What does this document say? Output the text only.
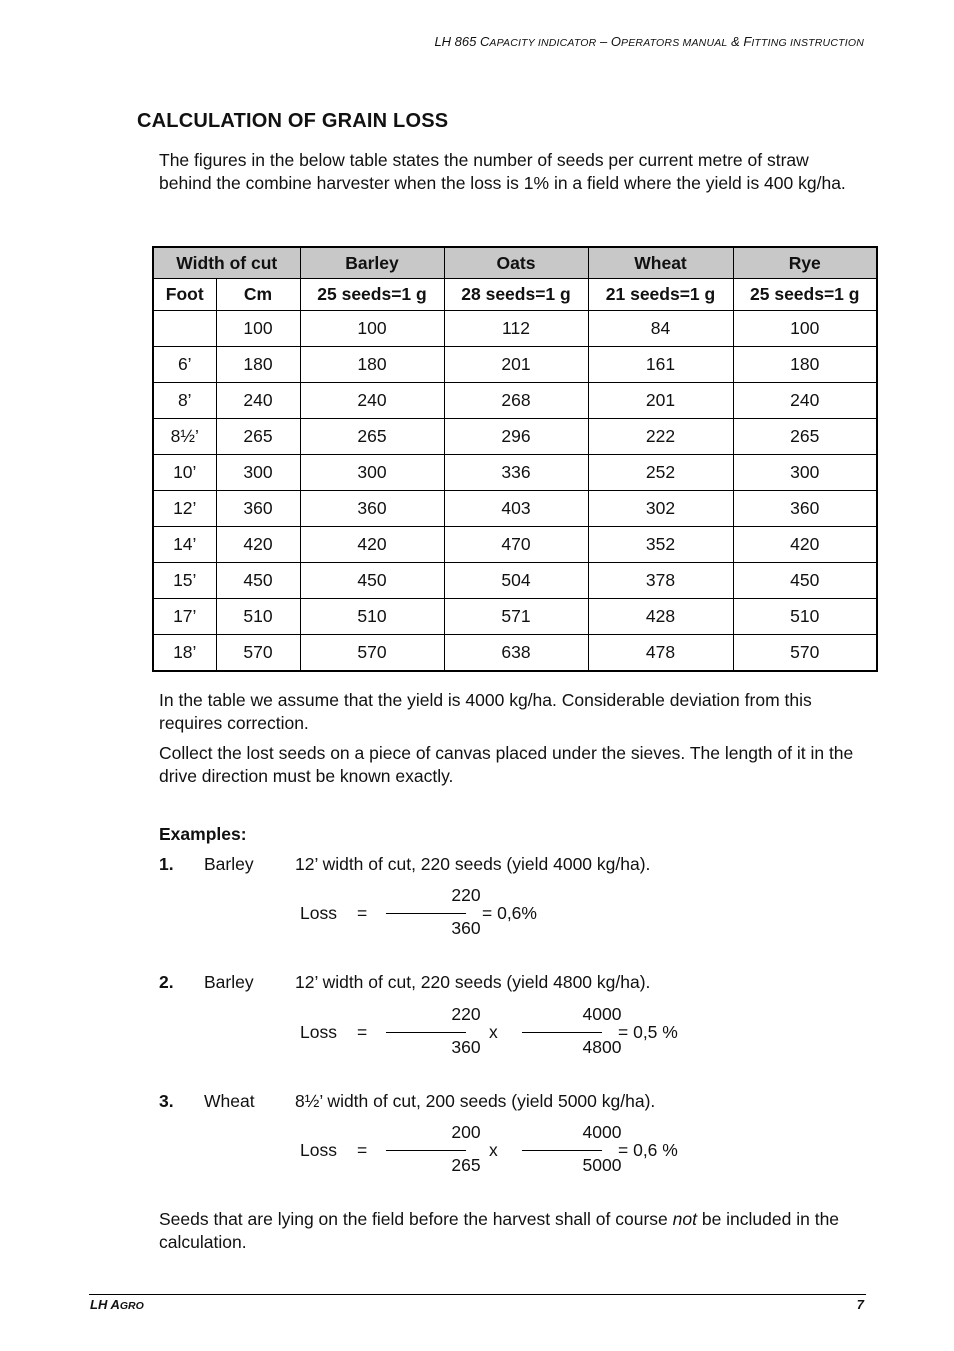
LH 865 CAPACITY INDICATOR – OPERATORS MANUAL & FITTING INSTRUCTION
CALCULATION OF GRAIN LOSS
The figures in the below table states the number of seeds per current metre of straw behind the combine harvester when the loss is 1% in a field where the yield is 400 kg/ha.
Width of cut		Barley	Oats	Wheat	Rye
Foot	Cm	25 seeds=1 g	28 seeds=1 g	21 seeds=1 g	25 seeds=1 g
	100	100	112	84	100
6’	180	180	201	161	180
8’	240	240	268	201	240
8½’	265	265	296	222	265
10’	300	300	336	252	300
12’	360	360	403	302	360
14’	420	420	470	352	420
15’	450	450	504	378	450
17’	510	510	571	428	510
18’	570	570	638	478	570
In the table we assume that the yield is 4000 kg/ha. Considerable deviation from this requires correction.
Collect the lost seeds on a piece of canvas placed under the sieves. The length of it in the drive direction must be known exactly.
Examples:
1. Barley 12’ width of cut, 220 seeds (yield 4000 kg/ha).
Loss =
220
360
= 0,6%
2. Barley 12’ width of cut, 220 seeds (yield 4800 kg/ha).
Loss =
220
360
x
4000
4800
= 0,5 %
3. Wheat 8½’ width of cut, 200 seeds (yield 5000 kg/ha).
Loss =
200
265
x
4000
5000
= 0,6 %
Seeds that are lying on the field before the harvest shall of course not be included in the calculation.
LH AGRO	7
